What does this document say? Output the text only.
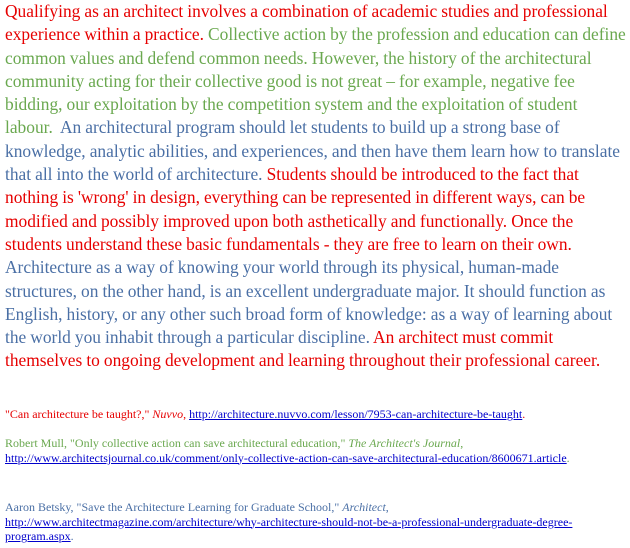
Qualifying as an architect involves a combination of academic studies and professional experience within a practice. Collective action by the profession and education can define common values and defend common needs. However, the history of the architectural community acting for their collective good is not great – for example, negative fee bidding, our exploitation by the competition system and the exploitation of student labour. An architectural program should let students to build up a strong base of knowledge, analytic abilities, and experiences, and then have them learn how to translate that all into the world of architecture. Students should be introduced to the fact that nothing is 'wrong' in design, everything can be represented in different ways, can be modified and possibly improved upon both asthetically and functionally. Once the students understand these basic fundamentals - they are free to learn on their own. Architecture as a way of knowing your world through its physical, human-made structures, on the other hand, is an excellent undergraduate major. It should function as English, history, or any other such broad form of knowledge: as a way of learning about the world you inhabit through a particular discipline. An architect must commit themselves to ongoing development and learning throughout their professional career.

"Can architecture be taught?," Nuvvo, http://architecture.nuvvo.com/lesson/7953-can-architecture-be-taught.
Robert Mull, "Only collective action can save architectural education," The Architect's Journal, http://www.architectsjournal.co.uk/comment/only-collective-action-can-save-architectural-education/8600671.article.
Aaron Betsky, "Save the Architecture Learning for Graduate School," Architect, http://www.architectmagazine.com/architecture/why-architecture-should-not-be-a-professional-undergraduate-degree-program.aspx.
